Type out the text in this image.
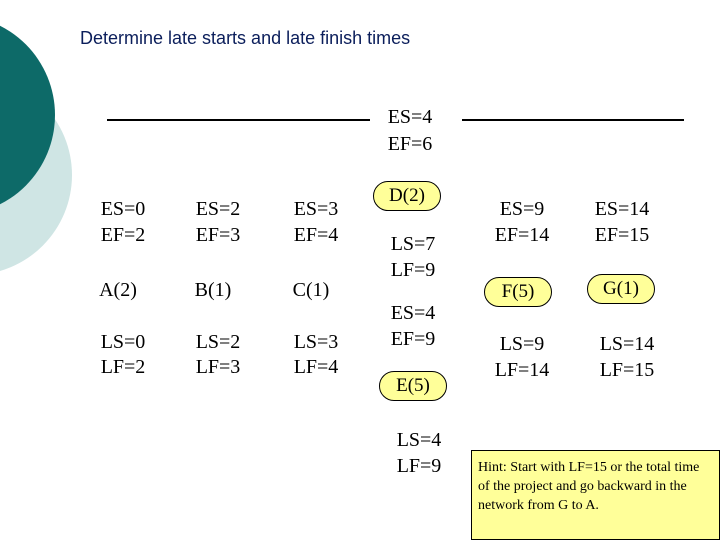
Determine late starts and late finish times
ES=0
EF=2
A(2)
LS=0
LF=2
ES=2
EF=3
B(1)
LS=2
LF=3
ES=3
EF=4
C(1)
LS=3
LF=4
ES=4
EF=6
D(2)
LS=7
LF=9
ES=4
EF=9
E(5)
LS=4
LF=9
ES=9
EF=14
F(5)
LS=9
LF=14
ES=14
EF=15
G(1)
LS=14
LF=15
Hint: Start with LF=15 or the total time of the project and go backward in the network from G to A.
